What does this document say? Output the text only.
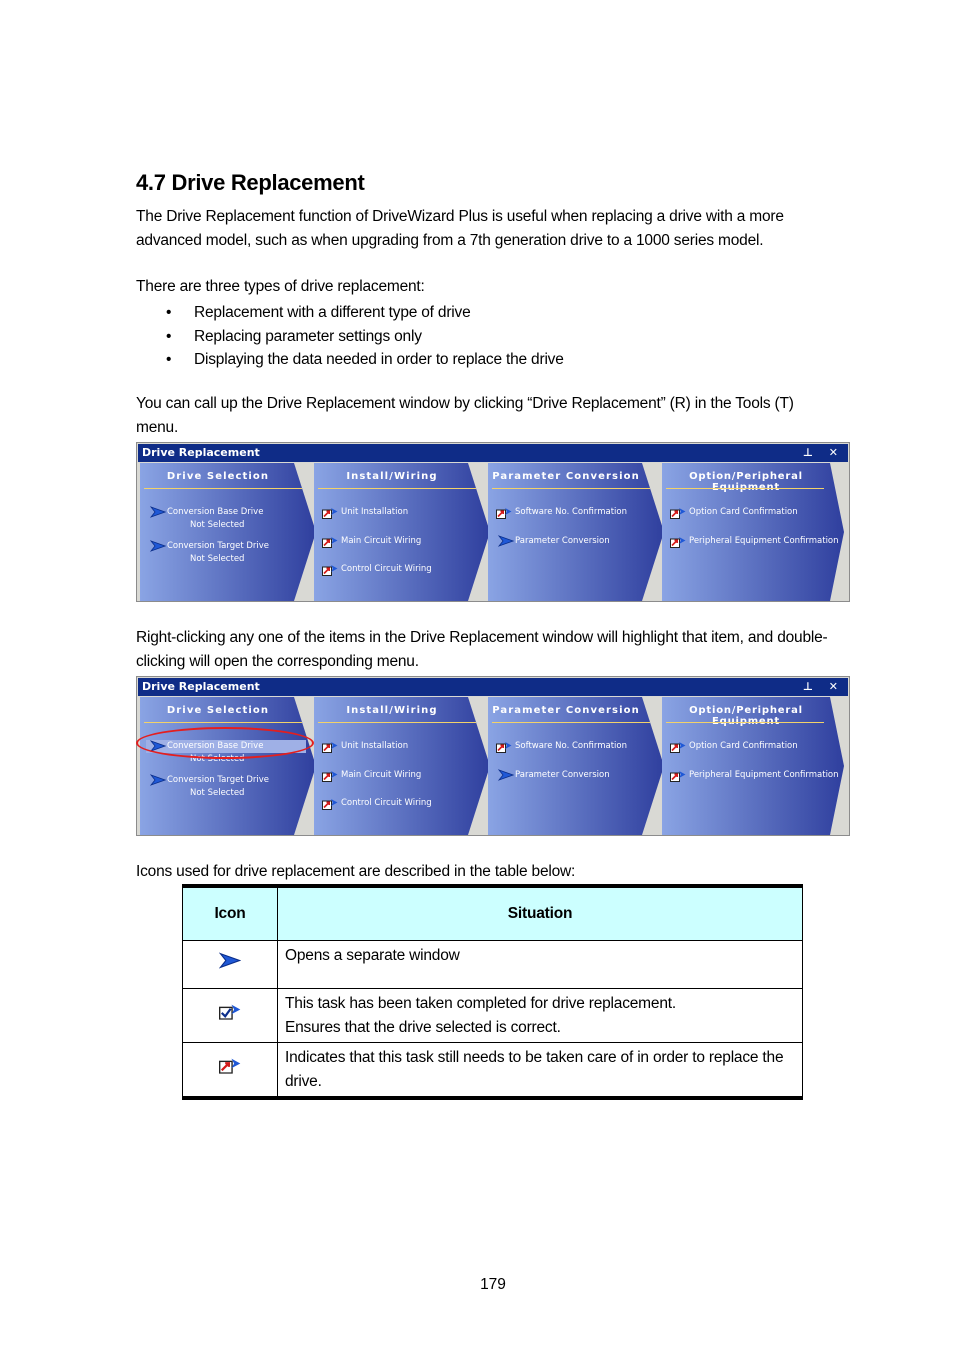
4.7 Drive Replacement
The Drive Replacement function of DriveWizard Plus is useful when replacing a drive with a more
advanced model, such as when upgrading from a 7th generation drive to a 1000 series model.
There are three types of drive replacement:
• Replacement with a different type of drive
• Replacing parameter settings only
• Displaying the data needed in order to replace the drive
You can call up the Drive Replacement window by clicking “Drive Replacement” (R) in the Tools (T)
menu.
Drive Replacement	⊥ ✕
Drive Selection
Conversion Base Drive
Not Selected
Conversion Target Drive
Not Selected
Install/Wiring
Unit Installation
Main Circuit Wiring
Control Circuit Wiring
Parameter Conversion
Software No. Confirmation
Parameter Conversion
Option/Peripheral
Option Card Confirmation
Peripheral Equipment Confirmation
Right-clicking any one of the items in the Drive Replacement window will highlight that item, and double-
clicking will open the corresponding menu.
Drive Replacement	⊥ ✕
Drive Selection
Conversion Base Drive
Not Selected
Conversion Target Drive
Not Selected
Install/Wiring
Unit Installation
Main Circuit Wiring
Control Circuit Wiring
Parameter Conversion
Software No. Confirmation
Parameter Conversion
Option/Peripheral
Option Card Confirmation
Peripheral Equipment Confirmation
Icons used for drive replacement are described in the table below:
Icon	Situation

Opens a separate window

This task has been taken completed for drive replacement.
Ensures that the drive selected is correct.

Indicates that this task still needs to be taken care of in order to replace the
drive.
179
